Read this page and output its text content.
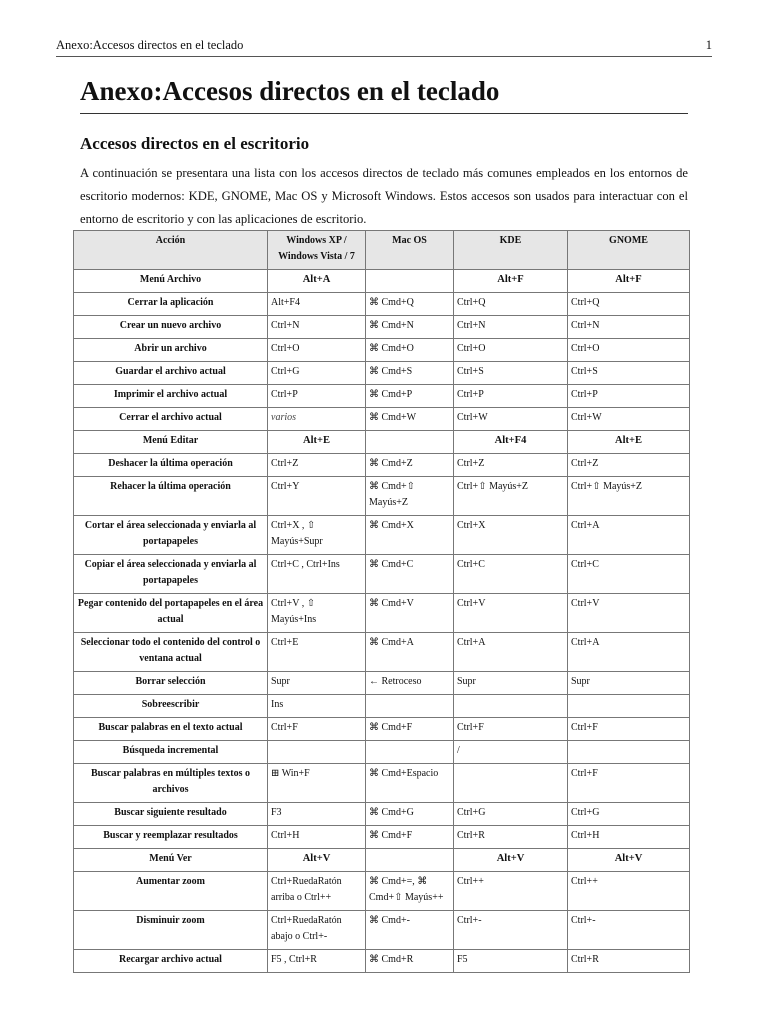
Anexo:Accesos directos en el teclado	1
Anexo:Accesos directos en el teclado
Accesos directos en el escritorio

A continuación se presentara una lista con los accesos directos de teclado más comunes empleados en los entornos de escritorio modernos: KDE, GNOME, Mac OS y Microsoft Windows. Estos accesos son usados para interactuar con el entorno de escritorio y con las aplicaciones de escritorio.

Acción	Windows XP / Windows Vista / 7	Mac OS	KDE	GNOME
Menú Archivo	Alt+A		Alt+F	Alt+F
Cerrar la aplicación	Alt+F4	⌘ Cmd+Q	Ctrl+Q	Ctrl+Q
Crear un nuevo archivo	Ctrl+N	⌘ Cmd+N	Ctrl+N	Ctrl+N
Abrir un archivo	Ctrl+O	⌘ Cmd+O	Ctrl+O	Ctrl+O
Guardar el archivo actual	Ctrl+G	⌘ Cmd+S	Ctrl+S	Ctrl+S
Imprimir el archivo actual	Ctrl+P	⌘ Cmd+P	Ctrl+P	Ctrl+P
Cerrar el archivo actual	varios	⌘ Cmd+W	Ctrl+W	Ctrl+W
Menú Editar	Alt+E		Alt+F4	Alt+E
Deshacer la última operación	Ctrl+Z	⌘ Cmd+Z	Ctrl+Z	Ctrl+Z
Rehacer la última operación	Ctrl+Y	⌘ Cmd+⇧ Mayús+Z	Ctrl+⇧ Mayús+Z	Ctrl+⇧ Mayús+Z
Cortar el área seleccionada y enviarla al portapapeles	Ctrl+X , ⇧ Mayús+Supr	⌘ Cmd+X	Ctrl+X	Ctrl+A
Copiar el área seleccionada y enviarla al portapapeles	Ctrl+C , Ctrl+Ins	⌘ Cmd+C	Ctrl+C	Ctrl+C
Pegar contenido del portapapeles en el área actual	Ctrl+V , ⇧ Mayús+Ins	⌘ Cmd+V	Ctrl+V	Ctrl+V
Seleccionar todo el contenido del control o ventana actual	Ctrl+E	⌘ Cmd+A	Ctrl+A	Ctrl+A
Borrar selección	Supr	← Retroceso	Supr	Supr
Sobreescribir	Ins			
Buscar palabras en el texto actual	Ctrl+F	⌘ Cmd+F	Ctrl+F	Ctrl+F
Búsqueda incremental			/	
Buscar palabras en múltiples textos o archivos	⊞ Win+F	⌘ Cmd+Espacio		Ctrl+F
Buscar siguiente resultado	F3	⌘ Cmd+G	Ctrl+G	Ctrl+G
Buscar y reemplazar resultados	Ctrl+H	⌘ Cmd+F	Ctrl+R	Ctrl+H
Menú Ver	Alt+V		Alt+V	Alt+V
Aumentar zoom	Ctrl+RuedaRatón arriba o Ctrl++	⌘ Cmd+=, ⌘ Cmd+⇧ Mayús++	Ctrl++	Ctrl++
Disminuir zoom	Ctrl+RuedaRatón abajo o Ctrl+-	⌘ Cmd+-	Ctrl+-	Ctrl+-
Recargar archivo actual	F5 , Ctrl+R	⌘ Cmd+R	F5	Ctrl+R
